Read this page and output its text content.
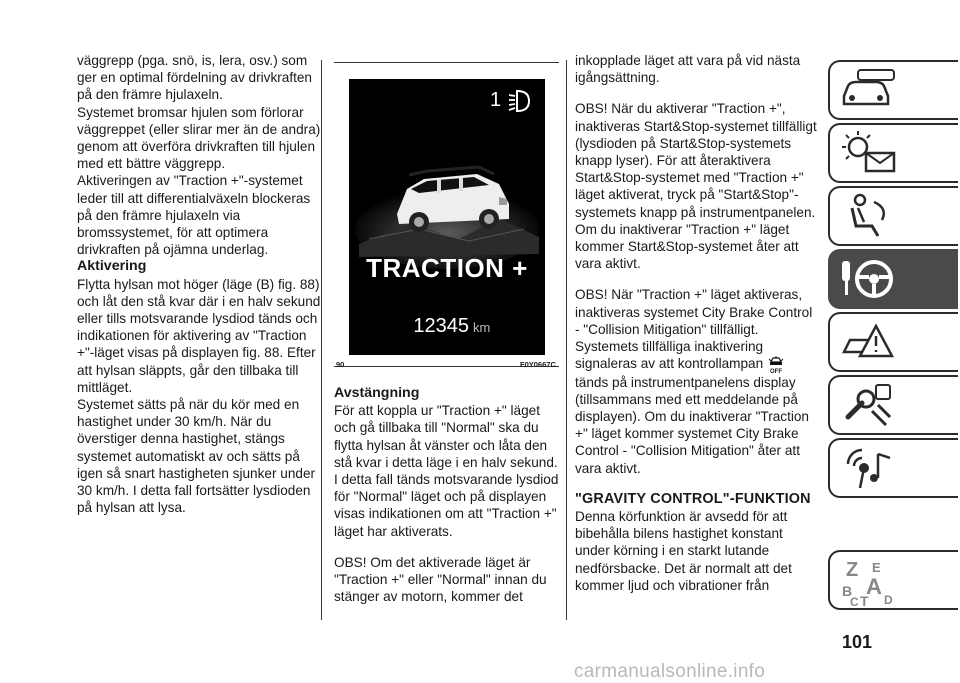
väggrepp (pga. snö, is, lera, osv.) som ger en optimal fördelning av drivkraften på den främre hjulaxeln.

Systemet bromsar hjulen som förlorar väggreppet (eller slirar mer än de andra) genom att överföra drivkraften till hjulen med ett bättre väggrepp.

Aktiveringen av "Traction +"-systemet leder till att differentialväxeln blockeras på den främre hjulaxeln via bromssystemet, för att optimera drivkraften på ojämna underlag.

Aktivering

Flytta hylsan mot höger (läge (B) fig. 88) och låt den stå kvar där i en halv sekund eller tills motsvarande lysdiod tänds och indikationen för aktivering av "Traction +"-läget visas på displayen fig. 88. Efter att hylsan släppts, går den tillbaka till mittläget.

Systemet sätts på när du kör med en hastighet under 30 km/h. När du överstiger denna hastighet, stängs systemet automatiskt av och sätts på igen så snart hastigheten sjunker under 30 km/h. I detta fall fortsätter lysdioden på hylsan att lysa.

1
TRACTION +
12345 km
90	F0Y0667C

Avstängning

För att koppla ur "Traction +" läget och gå tillbaka till "Normal" ska du flytta hylsan åt vänster och låta den stå kvar i detta läge i en halv sekund. I detta fall tänds motsvarande lysdiod för "Normal" läget och på displayen visas indikationen om att "Traction +" läget har aktiverats.

OBS! Om det aktiverade läget är "Traction +" eller "Normal" innan du stänger av motorn, kommer det

inkopplade läget att vara på vid nästa igångsättning.

OBS! När du aktiverar "Traction +", inaktiveras Start&Stop-systemet tillfälligt (lysdioden på Start&Stop-systemets knapp lyser). För att återaktivera Start&Stop-systemet med "Traction +" läget aktiverat, tryck på "Start&Stop"-systemets knapp på instrumentpanelen. Om du inaktiverar "Traction +" läget kommer Start&Stop-systemet åter att vara aktivt.

OBS! När "Traction +" läget aktiveras, inaktiveras systemet City Brake Control - "Collision Mitigation" tillfälligt. Systemets tillfälliga inaktivering signaleras av att kontrollampan
OFF
tänds på instrumentpanelens display (tillsammans med ett meddelande på displayen). Om du inaktiverar "Traction +" läget kommer systemet City Brake Control - "Collision Mitigation" åter att vara aktivt.

"GRAVITY CONTROL"-FUNKTION

Denna körfunktion är avsedd för att bibehålla bilens hastighet konstant under körning i en starkt lutande nedförsbacke. Det är normalt att det kommer ljud och vibrationer från

Z E
B A
C T D
101
carmanualsonline.info
